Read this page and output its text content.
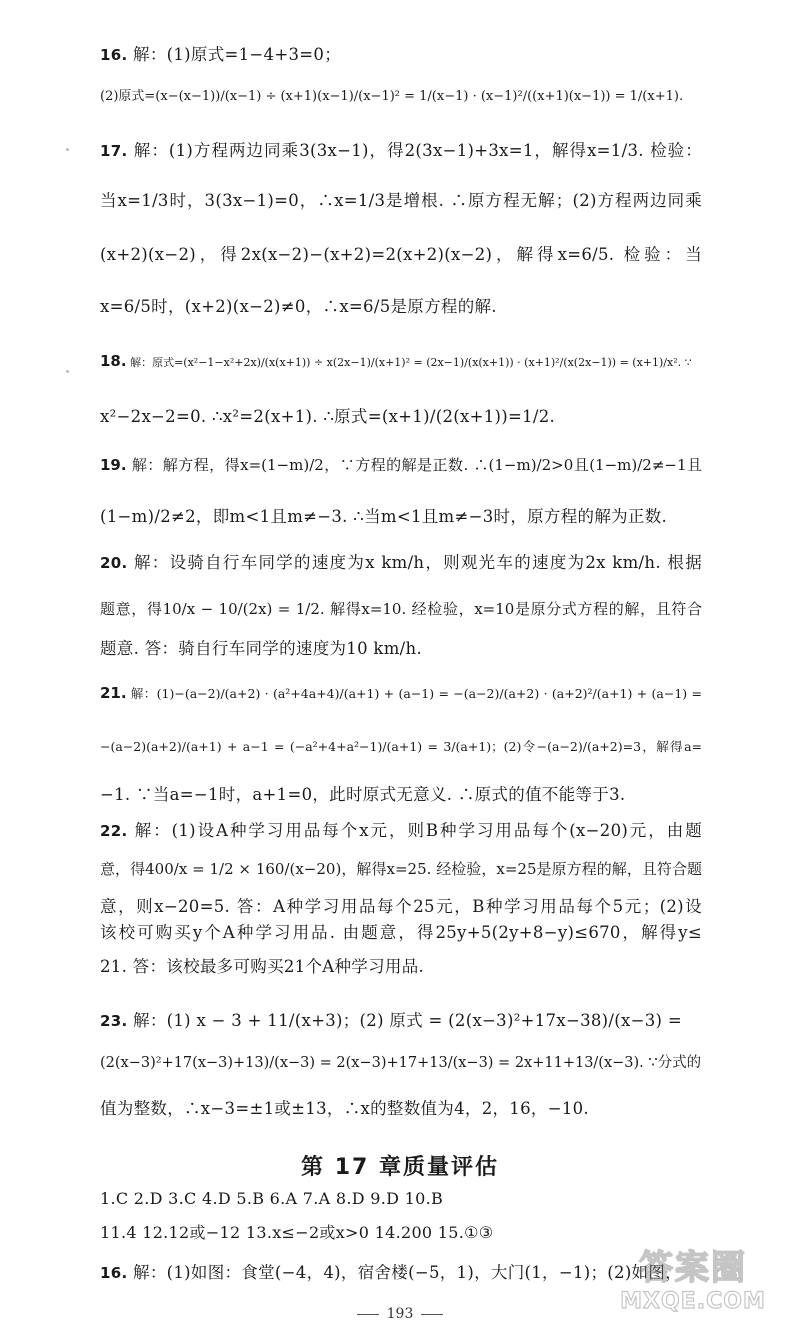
16. 解：(1)原式=1−4+3=0；
(2)原式=(x−(x−1))/(x−1) ÷ (x+1)(x−1)/(x−1)² = 1/(x−1) · (x−1)²/((x+1)(x−1)) = 1/(x+1).
17. 解：(1)方程两边同乘3(3x−1)，得2(3x−1)+3x=1，解得x=1/3. 检验：
当x=1/3时，3(3x−1)=0，∴x=1/3是增根. ∴原方程无解；(2)方程两边同乘
(x+2)(x−2)，得2x(x−2)−(x+2)=2(x+2)(x−2)，解得x=6/5. 检验：当
x=6/5时，(x+2)(x−2)≠0，∴x=6/5是原方程的解.
18. 解：原式=(x²−1−x²+2x)/(x(x+1)) ÷ x(2x−1)/(x+1)² = (2x−1)/(x(x+1)) · (x+1)²/(x(2x−1)) = (x+1)/x². ∵
x²−2x−2=0. ∴x²=2(x+1). ∴原式=(x+1)/(2(x+1))=1/2.
19. 解：解方程，得x=(1−m)/2，∵方程的解是正数. ∴(1−m)/2>0且(1−m)/2≠−1且
(1−m)/2≠2，即m<1且m≠−3. ∴当m<1且m≠−3时，原方程的解为正数.
20. 解：设骑自行车同学的速度为x km/h，则观光车的速度为2x km/h. 根据
题意，得10/x − 10/(2x) = 1/2. 解得x=10. 经检验，x=10是原分式方程的解，且符合
题意. 答：骑自行车同学的速度为10 km/h.
21. 解：(1)−(a−2)/(a+2) · (a²+4a+4)/(a+1) + (a−1) = −(a−2)/(a+2) · (a+2)²/(a+1) + (a−1) =
−(a−2)(a+2)/(a+1) + a−1 = (−a²+4+a²−1)/(a+1) = 3/(a+1)；(2)令−(a−2)/(a+2)=3，解得a=
−1. ∵当a=−1时，a+1=0，此时原式无意义. ∴原式的值不能等于3.
22. 解：(1)设A种学习用品每个x元，则B种学习用品每个(x−20)元，由题
意，得400/x = 1/2 × 160/(x−20)，解得x=25. 经检验，x=25是原方程的解，且符合题
意，则x−20=5. 答：A种学习用品每个25元，B种学习用品每个5元；(2)设
该校可购买y个A种学习用品. 由题意，得25y+5(2y+8−y)≤670，解得y≤
21. 答：该校最多可购买21个A种学习用品.
23. 解：(1) x − 3 + 11/(x+3)；(2) 原式 = (2(x−3)²+17x−38)/(x−3) =
(2(x−3)²+17(x−3)+13)/(x−3) = 2(x−3)+17+13/(x−3) = 2x+11+13/(x−3). ∵分式的
值为整数，∴x−3=±1或±13，∴x的整数值为4，2，16，−10.
第 17 章质量评估
1.C 2.D 3.C 4.D 5.B 6.A 7.A 8.D 9.D 10.B
11.4 12.12或−12 13.x≤−2或x>0 14.200 15.①③
16. 解：(1)如图：食堂(−4，4)，宿舍楼(−5，1)，大门(1，−1)；(2)如图，
193
答案圈
MXQE.COM
